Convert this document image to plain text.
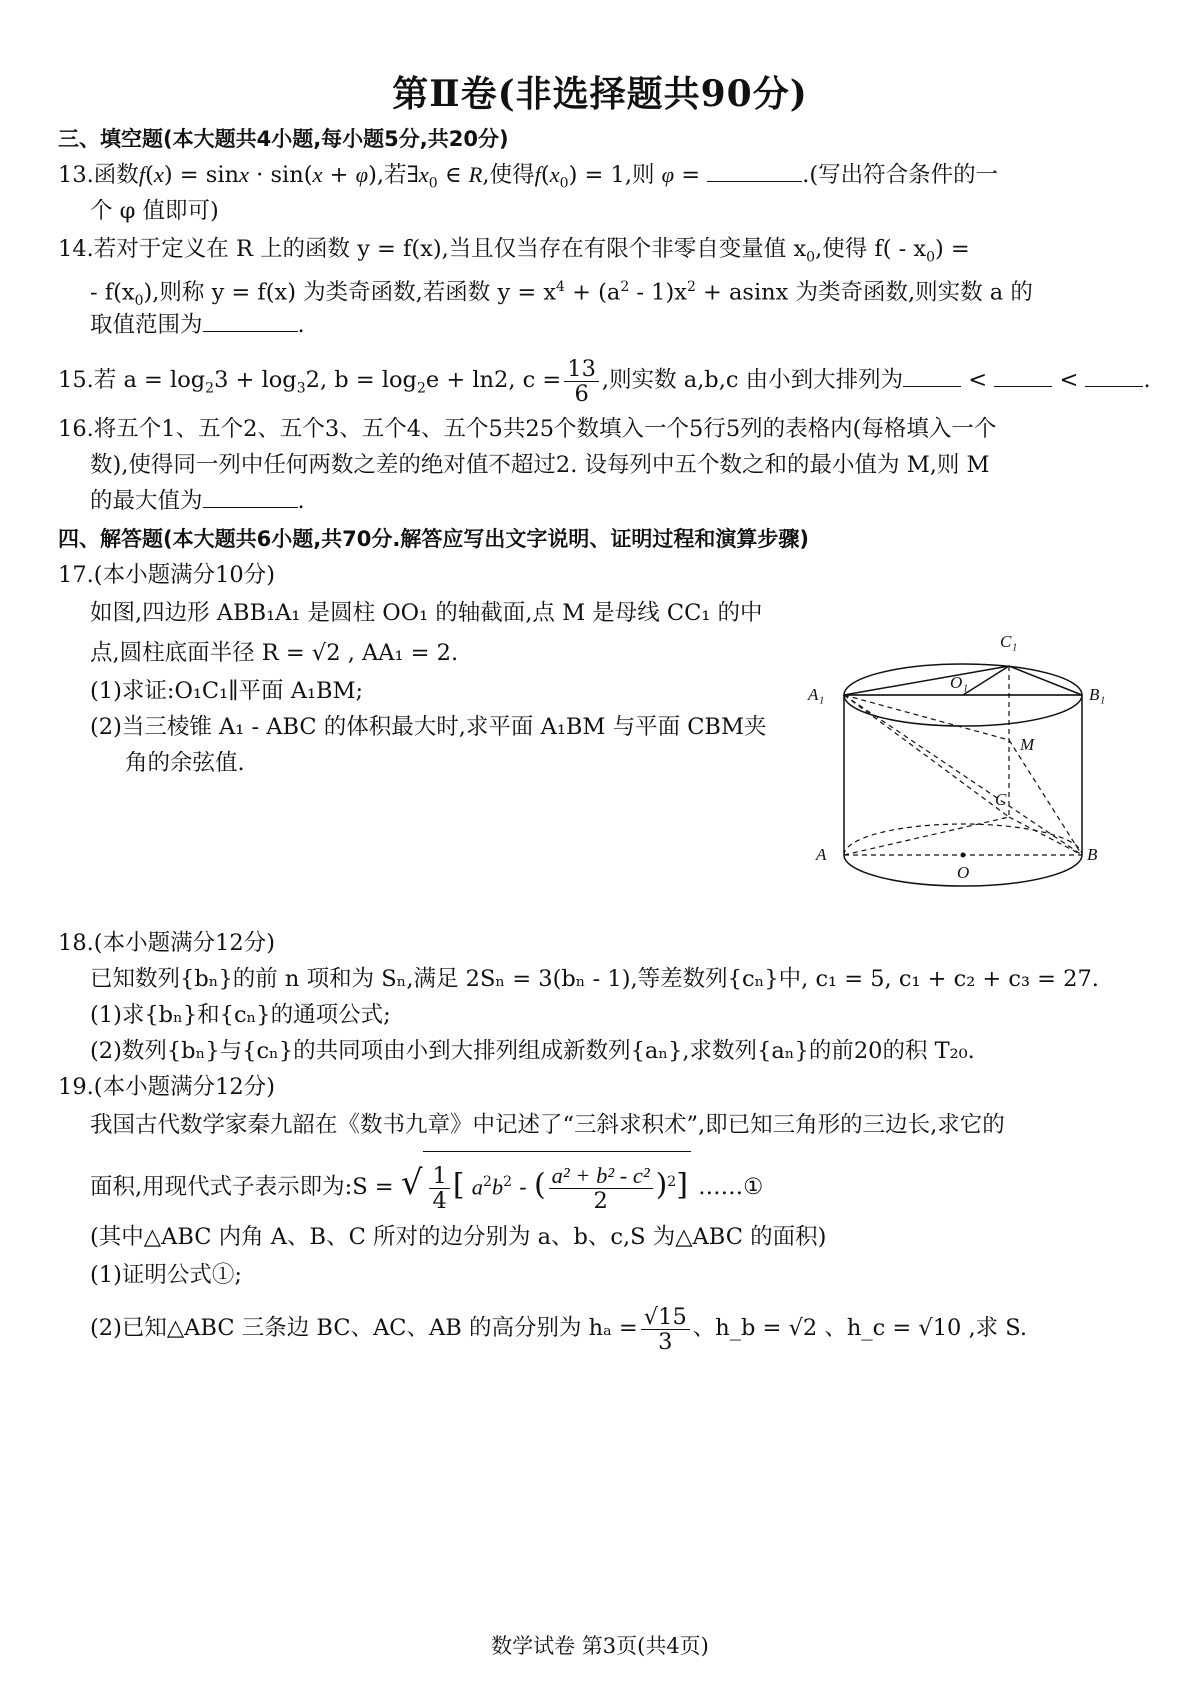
第Ⅱ卷(非选择题共90分)
三、填空题(本大题共4小题,每小题5分,共20分)
13.函数f(x) = sinx · sin(x + φ),若$\exists x_0$ ∈ R,使得$f(x_0) = 1$,则 φ =	.(写出符合条件的一
个 φ 值即可)
14.若对于定义在 R 上的函数 y = f(x),当且仅当存在有限个非零自变量值 $x_0$,使得 $f( - x_0)$ =
- $f(x_0)$,则称 y = f(x) 为类奇函数,若函数 $y = x^4 + (a^2 - 1)x^2 + asinx$ 为类奇函数,则实数 a 的
取值范围为	.
15.若 $a = \log_23 + \log_32$, $b = \log_2e + \ln 2$, $c = \frac{13}{6}$ ,则实数 a,b,c 由小到大排列为	<	<	.
16.将五个1、五个2、五个3、五个4、五个5共25个数填入一个5行5列的表格内(每格填入一个
数),使得同一列中任何两数之差的绝对值不超过2. 设每列中五个数之和的最小值为 M,则 M
的最大值为	.
四、解答题(本大题共6小题,共70分.解答应写出文字说明、证明过程和演算步骤)
17.(本小题满分10分)
如图,四边形 ABB₁A₁ 是圆柱 OO₁ 的轴截面,点 M 是母线 CC₁ 的中
点,圆柱底面半径 R = √2 , AA₁ = 2.
(1)求证:O₁C₁∥平面 A₁BM;
(2)当三棱锥 A₁ - ABC 的体积最大时,求平面 A₁BM 与平面 CBM夹
角的余弦值.
C₁
O₁
A₁	B₁
M
C
A
O
B
18.(本小题满分12分)
已知数列{bₙ}的前 n 项和为 Sₙ,满足 2Sₙ = 3(bₙ - 1),等差数列{cₙ}中, c₁ = 5, c₁ + c₂ + c₃ = 27.
(1)求{bₙ}和{cₙ}的通项公式;
(2)数列{bₙ}与{cₙ}的共同项由小到大排列组成新数列{aₙ},求数列{aₙ}的前20的积 T₂₀.
19.(本小题满分12分)
我国古代数学家秦九韶在《数书九章》中记述了“三斜求积术”,即已知三角形的三边长,求它的
面积,用现代式子表示即为:S = √ $\frac{1}{4}$ [ $a^2b^2$ - ( $\frac{\text{a² + b² - c²}}{2} )^2$] ……①
(其中△ABC 内角 A、B、C 所对的边分别为 a、b、c,S 为△ABC 的面积)
(1)证明公式①;
(2)已知△ABC 三条边 BC、AC、AB 的高分别为 $h_a = \frac{√15}{3}$ 、h_b = √2 、h_c = √10 ,求 S.
数学试卷 第3页(共4页)
